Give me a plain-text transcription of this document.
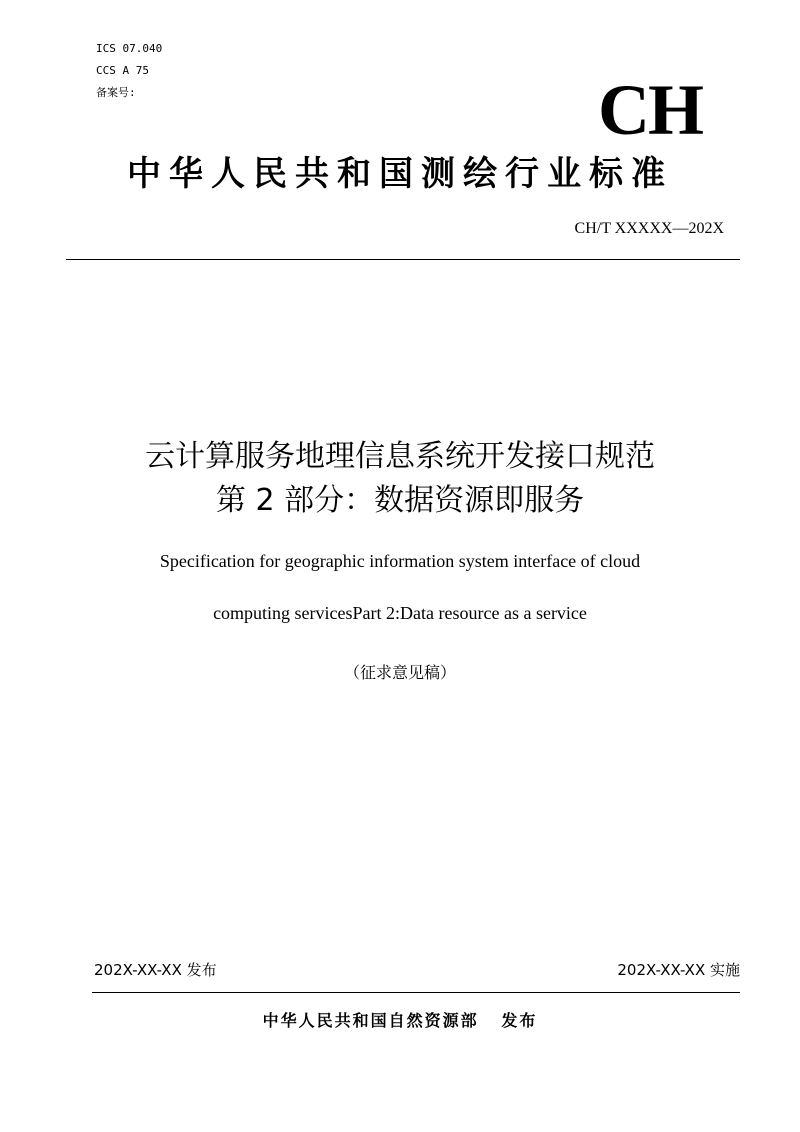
ICS 07.040
CCS A 75
备案号:	CH
中华人民共和国测绘行业标准
CH/T XXXXX—202X
云计算服务地理信息系统开发接口规范
第 2 部分：数据资源即服务
Specification for geographic information system interface of cloud
computing servicesPart 2:Data resource as a service
（征求意见稿）
202X-XX-XX 发布	202X-XX-XX 实施
中华人民共和国自然资源部   发布
